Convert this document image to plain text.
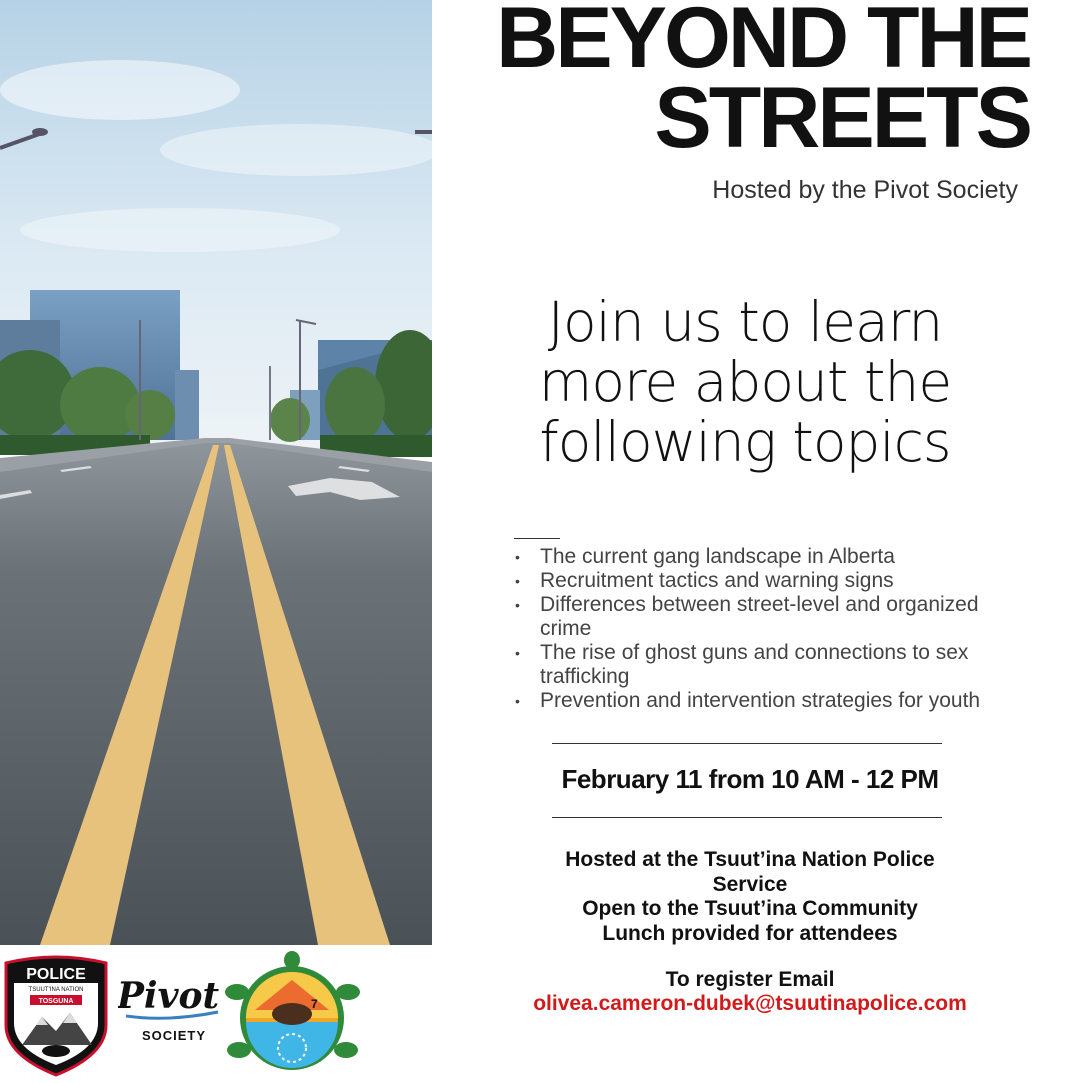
BEYOND THE
STREETS

Hosted by the Pivot Society

Join us to learn
more about the
following topics
• The current gang landscape in Alberta
• Recruitment tactics and warning signs
• Differences between street-level and organized crime
• The rise of ghost guns and connections to sex trafficking
• Prevention and intervention strategies for youth

February 11 from 10 AM - 12 PM

Hosted at the Tsuut’ina Nation Police
Service
Open to the Tsuut’ina Community
Lunch provided for attendees
To register Email
olivea.cameron-dubek@tsuutinapolice.com
POLICE
TSUUT’INA NATION
TOSGUNA Pivot
SOCIETY
7
